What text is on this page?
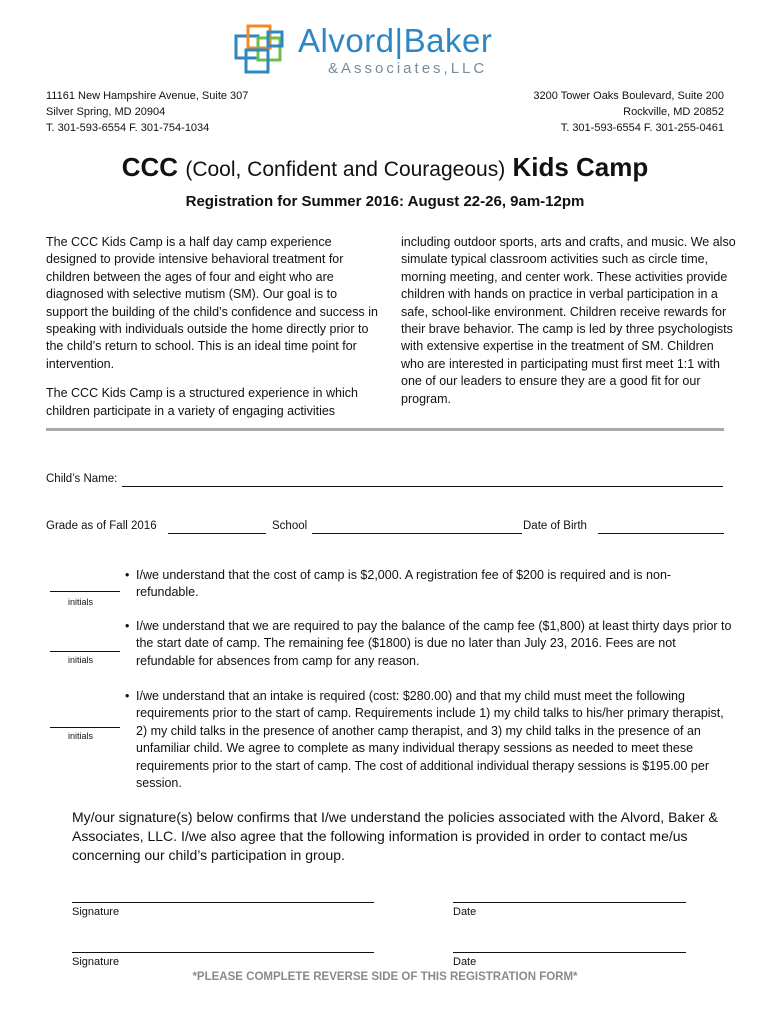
Alvord|Baker
&Associates,LLC
11161 New Hampshire Avenue, Suite 307
Silver Spring, MD 20904
T. 301-593-6554 F. 301-754-1034
3200 Tower Oaks Boulevard, Suite 200
Rockville, MD 20852
T. 301-593-6554 F. 301-255-0461
CCC (Cool, Confident and Courageous) Kids Camp
Registration for Summer 2016: August 22-26, 9am-12pm

The CCC Kids Camp is a half day camp experience designed to provide intensive behavioral treatment for children between the ages of four and eight who are diagnosed with selective mutism (SM). Our goal is to support the building of the child’s confidence and success in speaking with individuals outside the home directly prior to the child’s return to school. This is an ideal time point for intervention.

The CCC Kids Camp is a structured experience in which children participate in a variety of engaging activities

including outdoor sports, arts and crafts, and music. We also simulate typical classroom activities such as circle time, morning meeting, and center work. These activities provide children with hands on practice in verbal participation in a safe, school-like environment. Children receive rewards for their brave behavior. The camp is led by three psychologists with extensive expertise in the treatment of SM. Children who are interested in participating must first meet 1:1 with one of our leaders to ensure they are a good fit for our program.

Child’s Name:
Grade as of Fall 2016	School	Date of Birth
initials
• I/we understand that the cost of camp is $2,000. A registration fee of $200 is required and is non-refundable.
initials
• I/we understand that we are required to pay the balance of the camp fee ($1,800) at least thirty days prior to the start date of camp. The remaining fee ($1800) is due no later than July 23, 2016. Fees are not refundable for absences from camp for any reason.
initials
• I/we understand that an intake is required (cost: $280.00) and that my child must meet the following requirements prior to the start of camp. Requirements include 1) my child talks to his/her primary therapist, 2) my child talks in the presence of another camp therapist, and 3) my child talks in the presence of an unfamiliar child. We agree to complete as many individual therapy sessions as needed to meet these requirements prior to the start of camp. The cost of additional individual therapy sessions is $195.00 per session.
My/our signature(s) below confirms that I/we understand the policies associated with the Alvord, Baker & Associates, LLC. I/we also agree that the following information is provided in order to contact me/us concerning our child’s participation in group.
Signature	Date
Signature	Date
*PLEASE COMPLETE REVERSE SIDE OF THIS REGISTRATION FORM*
